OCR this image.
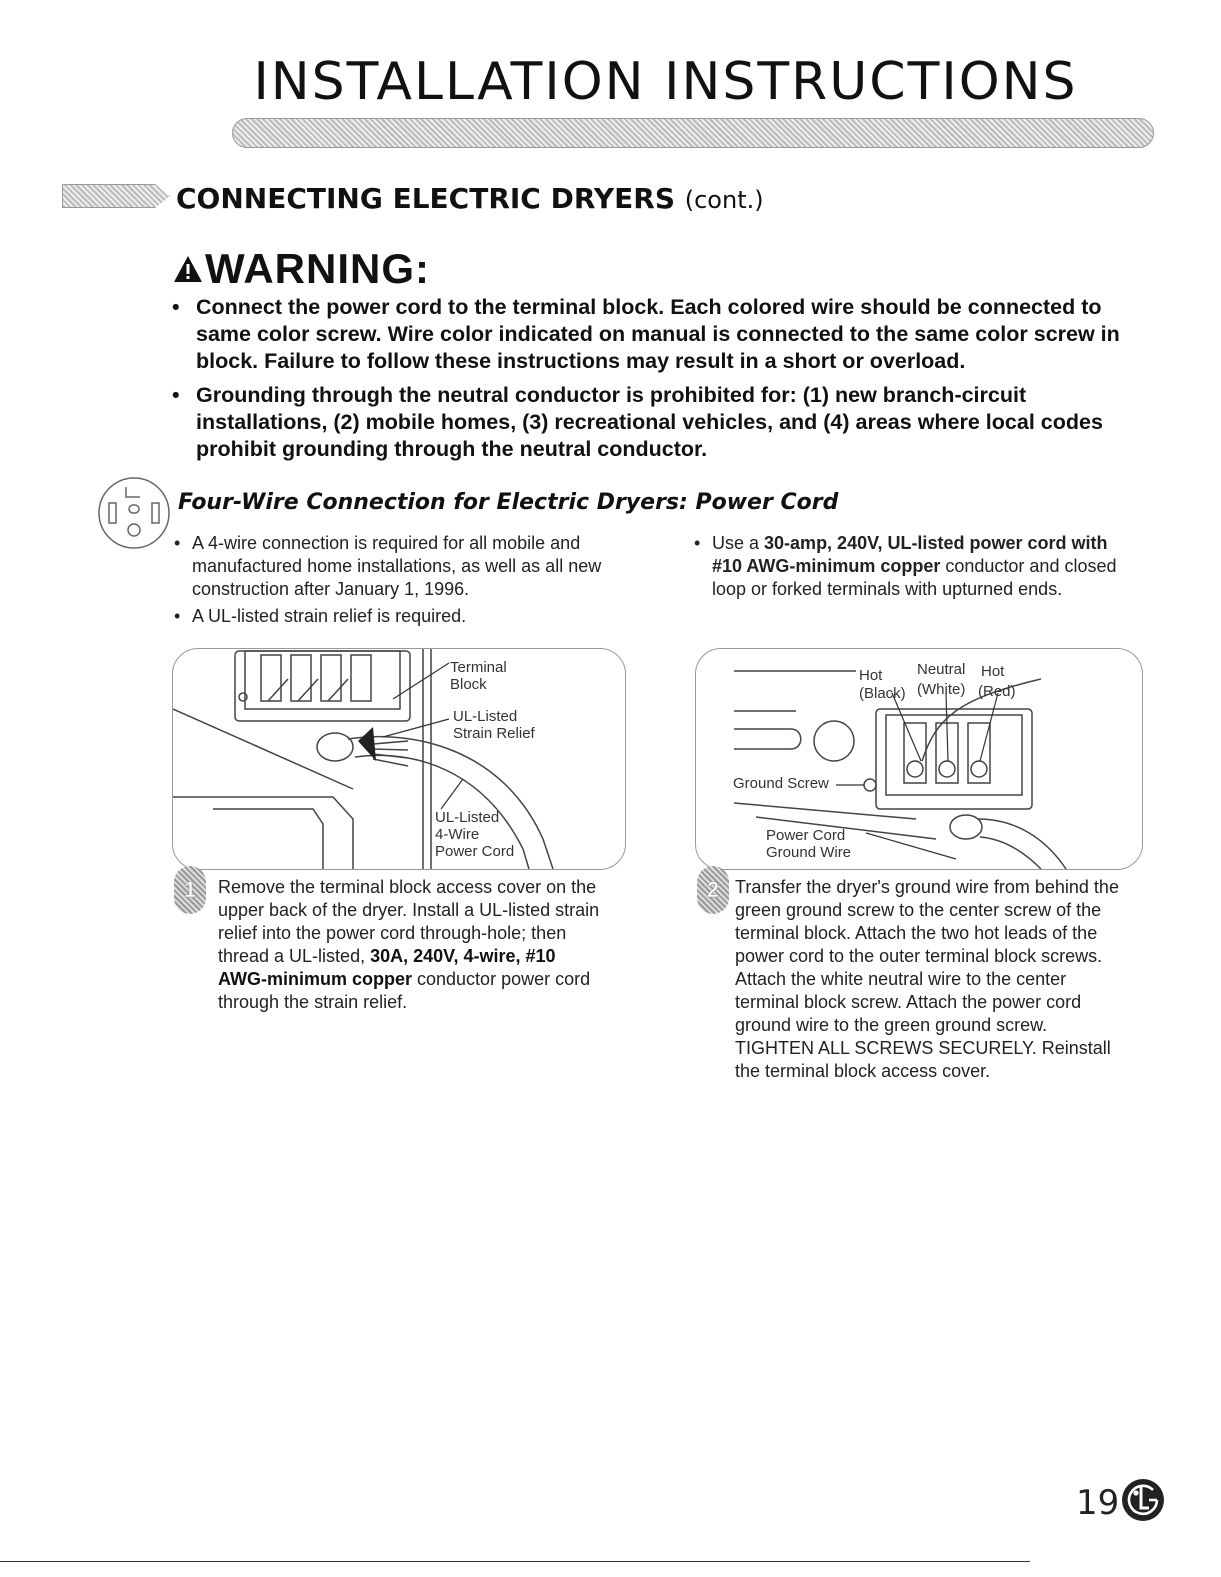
INSTALLATION INSTRUCTIONS
CONNECTING ELECTRIC DRYERS (cont.)
WARNING:
• Connect the power cord to the terminal block. Each colored wire should be connected to same color screw. Wire color indicated on manual is connected to the same color screw in block. Failure to follow these instructions may result in a short or overload.
• Grounding through the neutral conductor is prohibited for: (1) new branch-circuit installations, (2) mobile homes, (3) recreational vehicles, and (4) areas where local codes prohibit grounding through the neutral conductor.
Four-Wire Connection for Electric Dryers: Power Cord
• A 4-wire connection is required for all mobile and manufactured home installations, as well as all new construction after January 1, 1996.
• A UL-listed strain relief is required.
• Use a 30-amp, 240V, UL-listed power cord with #10 AWG-minimum copper conductor and closed loop or forked terminals with upturned ends.
Terminal
Block
UL-Listed
Strain Relief
UL-Listed
4-Wire
Power Cord
Hot
(Black)
Neutral
(White)
Hot
(Red)
Ground Screw
Power Cord
Ground Wire
1	Remove the terminal block access cover on the upper back of the dryer. Install a UL-listed strain relief into the power cord through-hole; then thread a UL-listed, 30A, 240V, 4-wire, #10 AWG-minimum copper conductor power cord through the strain relief.
2 Transfer the dryer's ground wire from behind the green ground screw to the center screw of the terminal block. Attach the two hot leads of the power cord to the outer terminal block screws. Attach the white neutral wire to the center terminal block screw. Attach the power cord ground wire to the green ground screw. TIGHTEN ALL SCREWS SECURELY. Reinstall the terminal block access cover.
19
